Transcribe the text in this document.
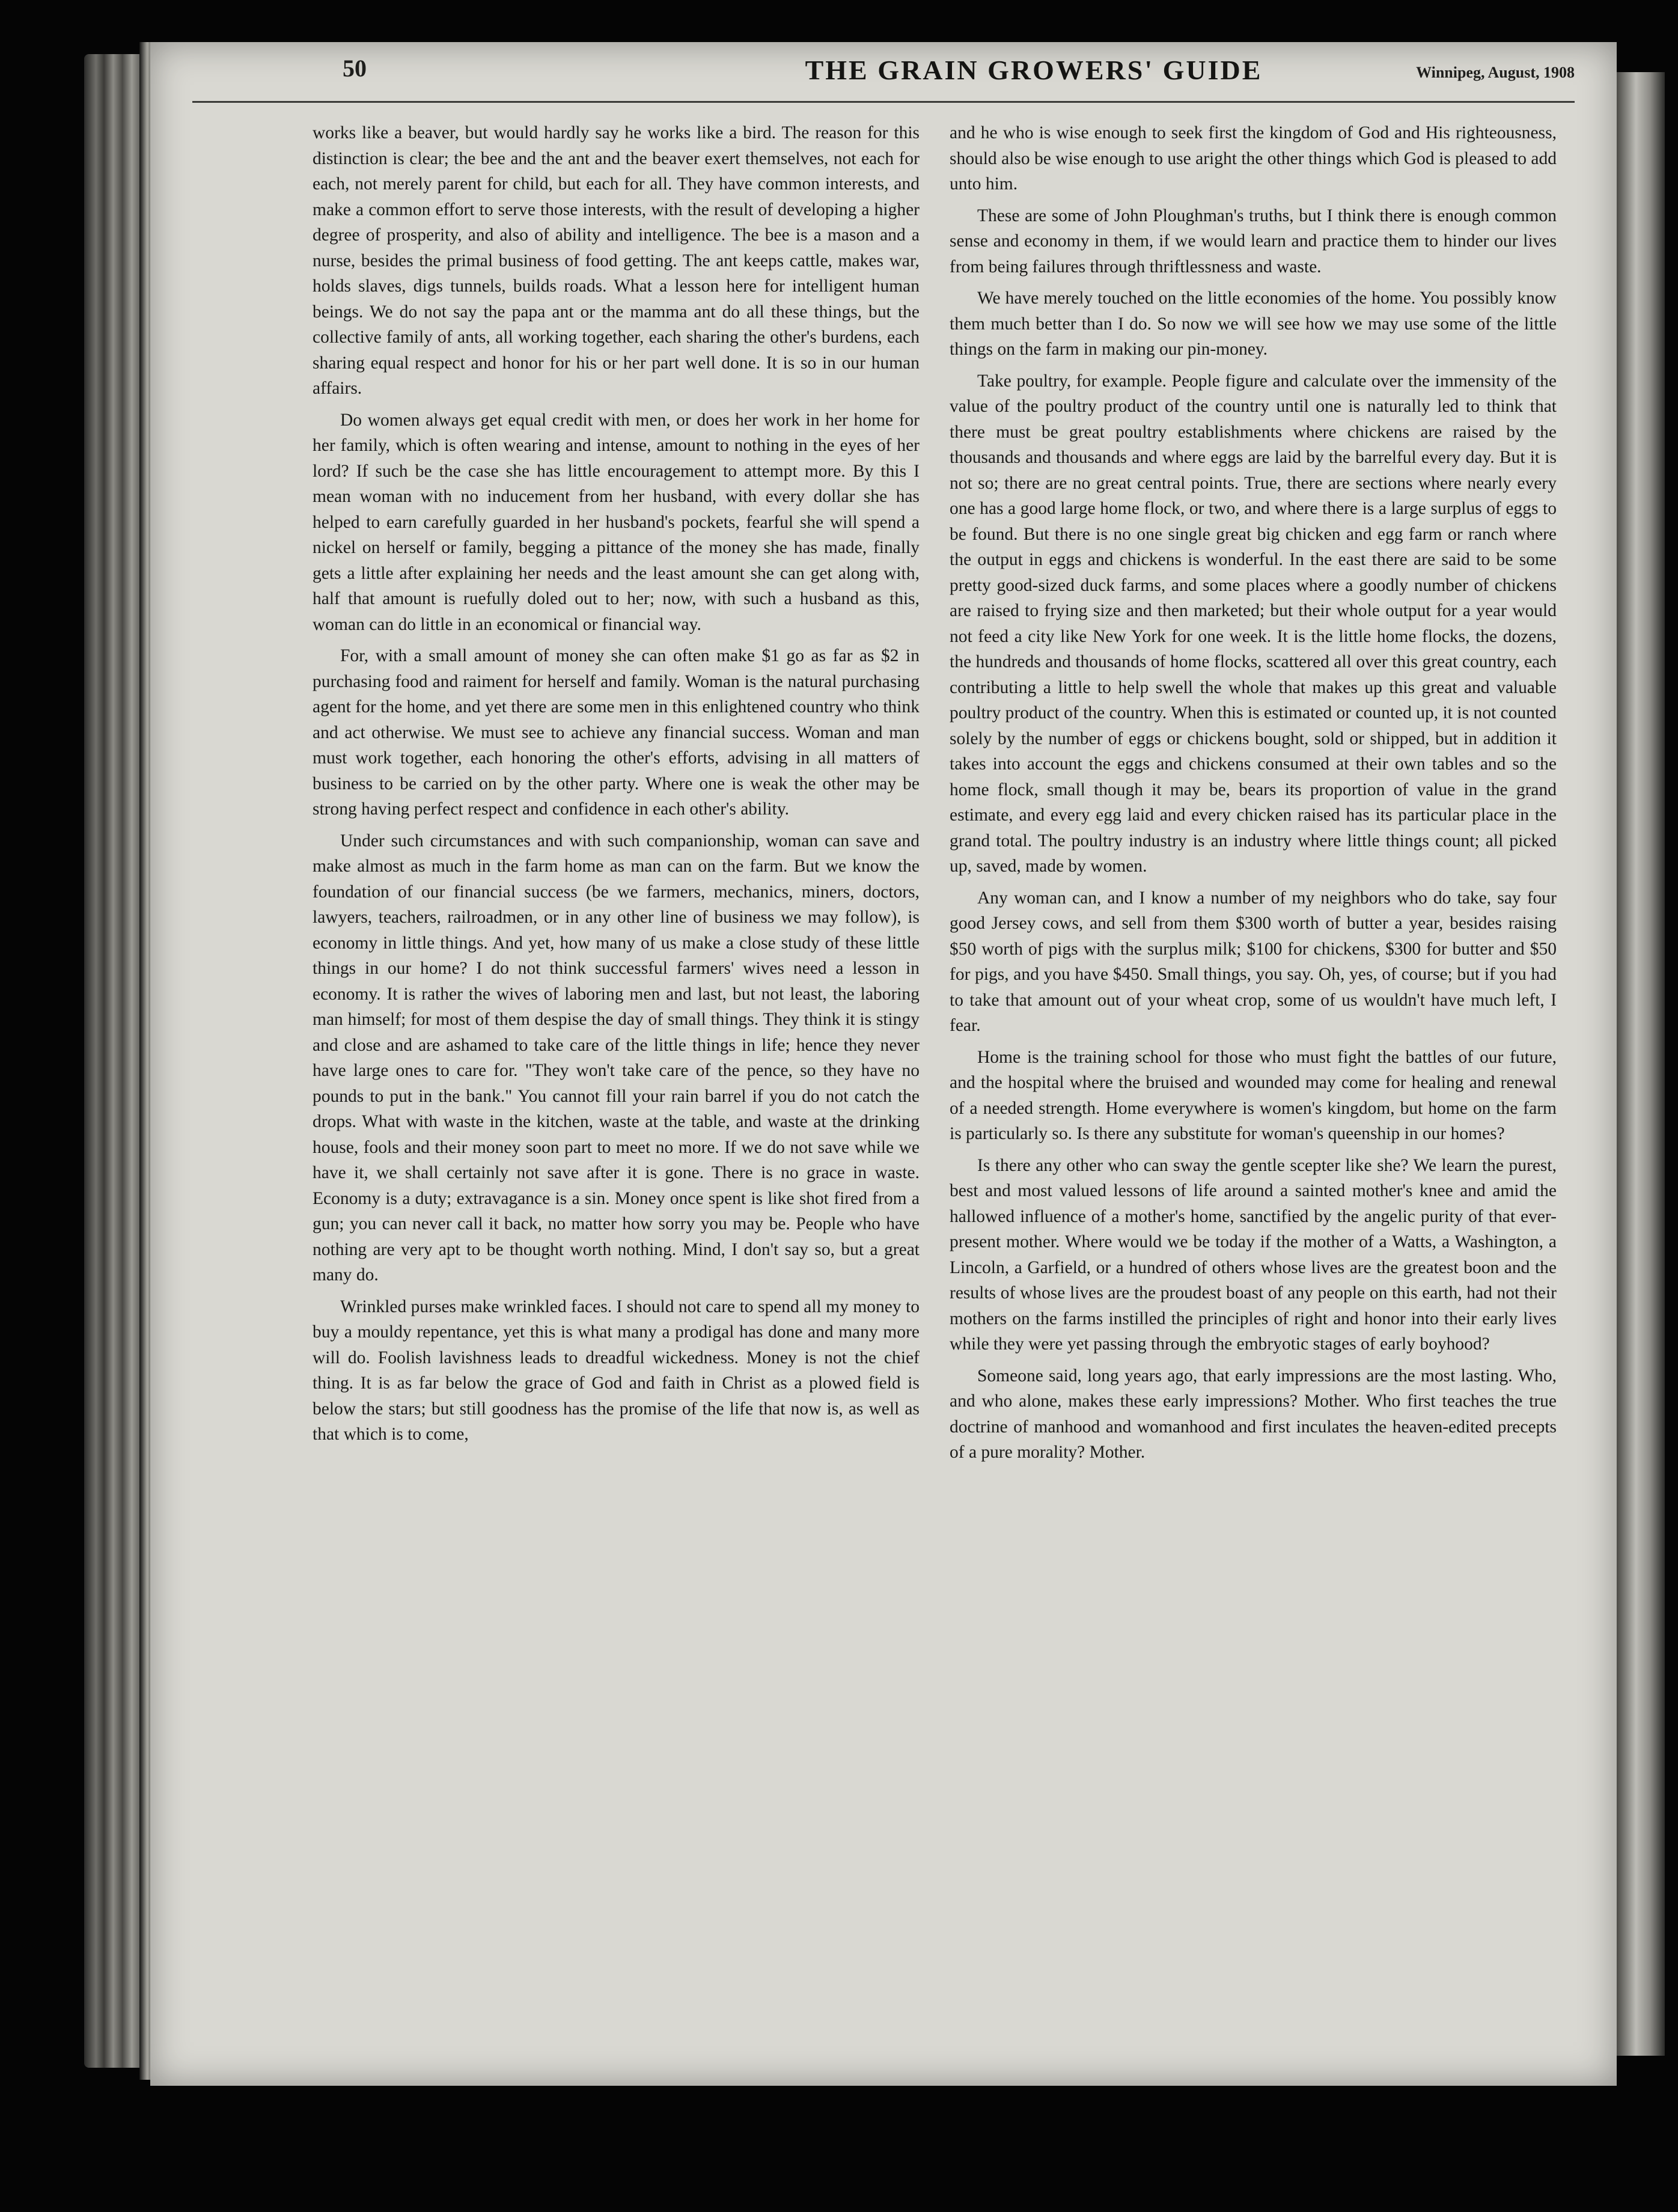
50	THE GRAIN GROWERS' GUIDE	Winnipeg, August, 1908

works like a beaver, but would hardly say he works like a bird. The reason for this distinction is clear; the bee and the ant and the beaver exert themselves, not each for each, not merely parent for child, but each for all. They have common interests, and make a common effort to serve those interests, with the result of developing a higher degree of prosperity, and also of ability and intelligence. The bee is a mason and a nurse, besides the primal business of food getting. The ant keeps cattle, makes war, holds slaves, digs tunnels, builds roads. What a lesson here for intelligent human beings. We do not say the papa ant or the mamma ant do all these things, but the collective family of ants, all working together, each sharing the other's burdens, each sharing equal respect and honor for his or her part well done. It is so in our human affairs.

Do women always get equal credit with men, or does her work in her home for her family, which is often wearing and intense, amount to nothing in the eyes of her lord? If such be the case she has little encouragement to attempt more. By this I mean woman with no inducement from her husband, with every dollar she has helped to earn carefully guarded in her husband's pockets, fearful she will spend a nickel on herself or family, begging a pittance of the money she has made, finally gets a little after explaining her needs and the least amount she can get along with, half that amount is ruefully doled out to her; now, with such a husband as this, woman can do little in an economical or financial way.

For, with a small amount of money she can often make $1 go as far as $2 in purchasing food and raiment for herself and family. Woman is the natural purchasing agent for the home, and yet there are some men in this enlightened country who think and act otherwise. We must see to achieve any financial success. Woman and man must work together, each honoring the other's efforts, advising in all matters of business to be carried on by the other party. Where one is weak the other may be strong having perfect respect and confidence in each other's ability.

Under such circumstances and with such companionship, woman can save and make almost as much in the farm home as man can on the farm. But we know the foundation of our financial success (be we farmers, mechanics, miners, doctors, lawyers, teachers, railroadmen, or in any other line of business we may follow), is economy in little things. And yet, how many of us make a close study of these little things in our home? I do not think successful farmers' wives need a lesson in economy. It is rather the wives of laboring men and last, but not least, the laboring man himself; for most of them despise the day of small things. They think it is stingy and close and are ashamed to take care of the little things in life; hence they never have large ones to care for. "They won't take care of the pence, so they have no pounds to put in the bank." You cannot fill your rain barrel if you do not catch the drops. What with waste in the kitchen, waste at the table, and waste at the drinking house, fools and their money soon part to meet no more. If we do not save while we have it, we shall certainly not save after it is gone. There is no grace in waste. Economy is a duty; extravagance is a sin. Money once spent is like shot fired from a gun; you can never call it back, no matter how sorry you may be. People who have nothing are very apt to be thought worth nothing. Mind, I don't say so, but a great many do.

Wrinkled purses make wrinkled faces. I should not care to spend all my money to buy a mouldy repentance, yet this is what many a prodigal has done and many more will do. Foolish lavishness leads to dreadful wickedness. Money is not the chief thing. It is as far below the grace of God and faith in Christ as a plowed field is below the stars; but still goodness has the promise of the life that now is, as well as that which is to come,

and he who is wise enough to seek first the kingdom of God and His righteousness, should also be wise enough to use aright the other things which God is pleased to add unto him.

These are some of John Ploughman's truths, but I think there is enough common sense and economy in them, if we would learn and practice them to hinder our lives from being failures through thriftlessness and waste.

We have merely touched on the little economies of the home. You possibly know them much better than I do. So now we will see how we may use some of the little things on the farm in making our pin-money.

Take poultry, for example. People figure and calculate over the immensity of the value of the poultry product of the country until one is naturally led to think that there must be great poultry establishments where chickens are raised by the thousands and thousands and where eggs are laid by the barrelful every day. But it is not so; there are no great central points. True, there are sections where nearly every one has a good large home flock, or two, and where there is a large surplus of eggs to be found. But there is no one single great big chicken and egg farm or ranch where the output in eggs and chickens is wonderful. In the east there are said to be some pretty good-sized duck farms, and some places where a goodly number of chickens are raised to frying size and then marketed; but their whole output for a year would not feed a city like New York for one week. It is the little home flocks, the dozens, the hundreds and thousands of home flocks, scattered all over this great country, each contributing a little to help swell the whole that makes up this great and valuable poultry product of the country. When this is estimated or counted up, it is not counted solely by the number of eggs or chickens bought, sold or shipped, but in addition it takes into account the eggs and chickens consumed at their own tables and so the home flock, small though it may be, bears its proportion of value in the grand estimate, and every egg laid and every chicken raised has its particular place in the grand total. The poultry industry is an industry where little things count; all picked up, saved, made by women.

Any woman can, and I know a number of my neighbors who do take, say four good Jersey cows, and sell from them $300 worth of butter a year, besides raising $50 worth of pigs with the surplus milk; $100 for chickens, $300 for butter and $50 for pigs, and you have $450. Small things, you say. Oh, yes, of course; but if you had to take that amount out of your wheat crop, some of us wouldn't have much left, I fear.

Home is the training school for those who must fight the battles of our future, and the hospital where the bruised and wounded may come for healing and renewal of a needed strength. Home everywhere is women's kingdom, but home on the farm is particularly so. Is there any substitute for woman's queenship in our homes?

Is there any other who can sway the gentle scepter like she? We learn the purest, best and most valued lessons of life around a sainted mother's knee and amid the hallowed influence of a mother's home, sanctified by the angelic purity of that ever-present mother. Where would we be today if the mother of a Watts, a Washington, a Lincoln, a Garfield, or a hundred of others whose lives are the greatest boon and the results of whose lives are the proudest boast of any people on this earth, had not their mothers on the farms instilled the principles of right and honor into their early lives while they were yet passing through the embryotic stages of early boyhood?

Someone said, long years ago, that early impressions are the most lasting. Who, and who alone, makes these early impressions? Mother. Who first teaches the true doctrine of manhood and womanhood and first inculates the heaven-edited precepts of a pure morality? Mother.
